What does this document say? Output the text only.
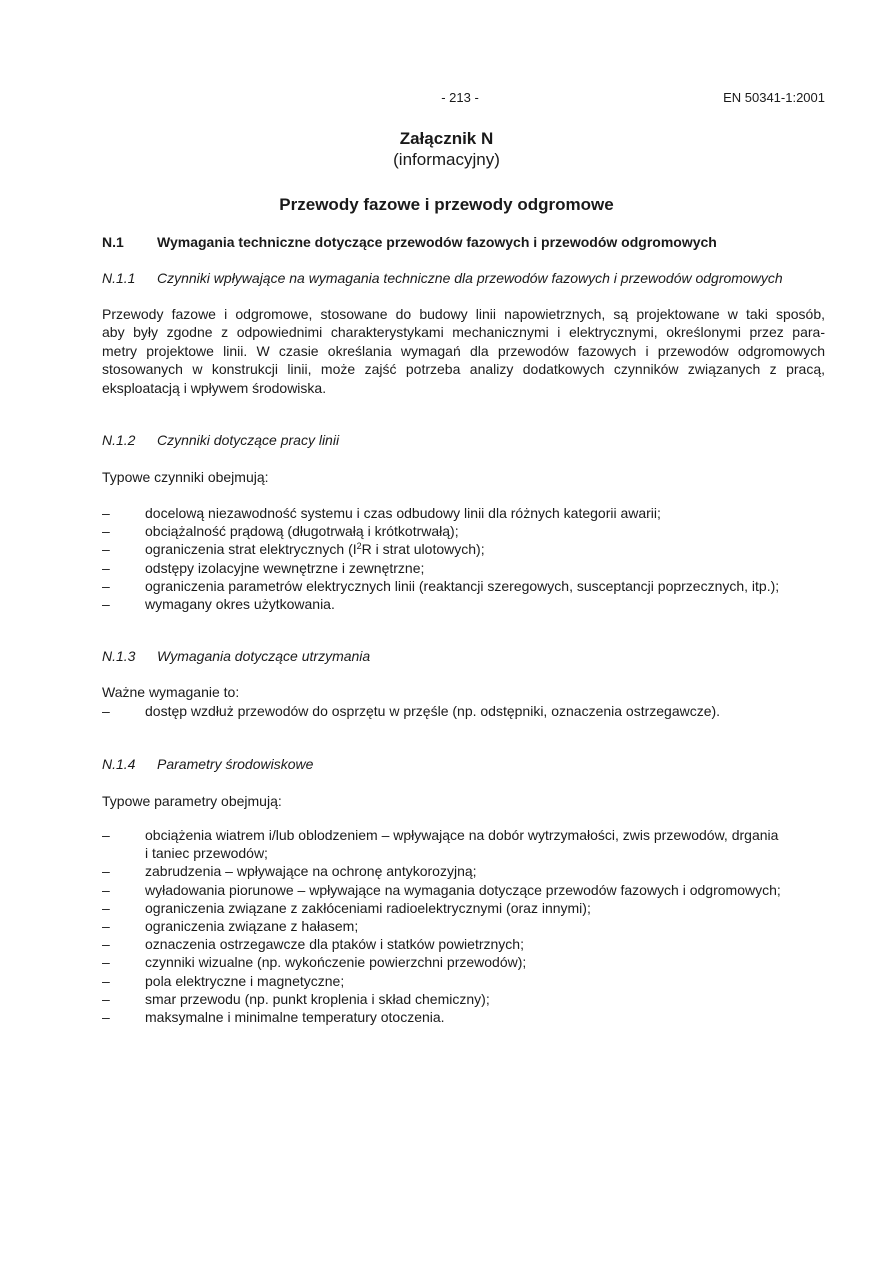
- 213 -	EN 50341-1:2001
Załącznik N
(informacyjny)
Przewody fazowe i przewody odgromowe
N.1 Wymagania techniczne dotyczące przewodów fazowych i przewodów odgromowych
N.1.1 Czynniki wpływające na wymagania techniczne dla przewodów fazowych i przewodów odgromowych
Przewody fazowe i odgromowe, stosowane do budowy linii napowietrznych, są projektowane w taki sposób,
aby były zgodne z odpowiednimi charakterystykami mechanicznymi i elektrycznymi, określonymi przez para-
metry projektowe linii. W czasie określania wymagań dla przewodów fazowych i przewodów odgromowych
stosowanych w konstrukcji linii, może zajść potrzeba analizy dodatkowych czynników związanych z pracą,
eksploatacją i wpływem środowiska.
N.1.2 Czynniki dotyczące pracy linii
Typowe czynniki obejmują:
–	docelową niezawodność systemu i czas odbudowy linii dla różnych kategorii awarii;
–	obciążalność prądową (długotrwałą i krótkotrwałą);
–	ograniczenia strat elektrycznych ($I^2R$ i strat ulotowych);
–	odstępy izolacyjne wewnętrzne i zewnętrzne;
–	ograniczenia parametrów elektrycznych linii (reaktancji szeregowych, susceptancji poprzecznych, itp.);
–	wymagany okres użytkowania.
N.1.3 Wymagania dotyczące utrzymania
Ważne wymaganie to:
–	dostęp wzdłuż przewodów do osprzętu w przęśle (np. odstępniki, oznaczenia ostrzegawcze).
N.1.4 Parametry środowiskowe
Typowe parametry obejmują:
–	obciążenia wiatrem i/lub oblodzeniem – wpływające na dobór wytrzymałości, zwis przewodów, drgania
i taniec przewodów;
–	zabrudzenia – wpływające na ochronę antykorozyjną;
–	wyładowania piorunowe – wpływające na wymagania dotyczące przewodów fazowych i odgromowych;
–	ograniczenia związane z zakłóceniami radioelektrycznymi (oraz innymi);
–	ograniczenia związane z hałasem;
–	oznaczenia ostrzegawcze dla ptaków i statków powietrznych;
–	czynniki wizualne (np. wykończenie powierzchni przewodów);
–	pola elektryczne i magnetyczne;
–	smar przewodu (np. punkt kroplenia i skład chemiczny);
–	maksymalne i minimalne temperatury otoczenia.
